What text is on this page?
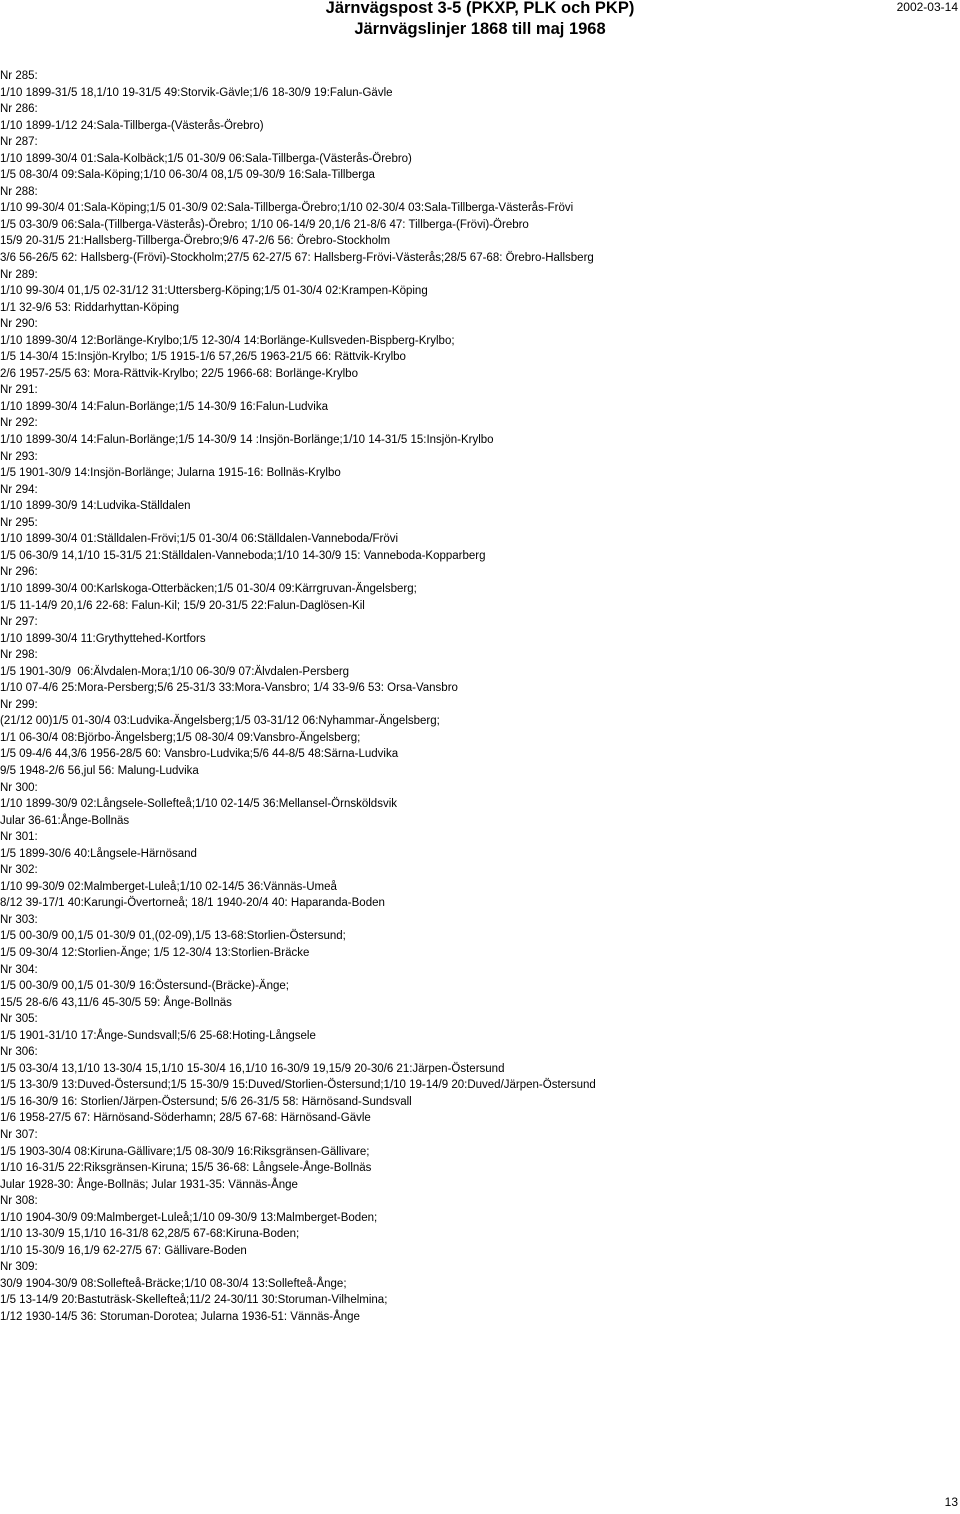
Järnvägspost 3-5 (PKXP, PLK och PKP)
Järnvägslinjer 1868 till maj 1968
2002-03-14
Nr 285:
1/10 1899-31/5 18,1/10 19-31/5 49:Storvik-Gävle;1/6 18-30/9 19:Falun-Gävle
Nr 286:
1/10 1899-1/12 24:Sala-Tillberga-(Västerås-Örebro)
Nr 287:
1/10 1899-30/4 01:Sala-Kolbäck;1/5 01-30/9 06:Sala-Tillberga-(Västerås-Örebro)
1/5 08-30/4 09:Sala-Köping;1/10 06-30/4 08,1/5 09-30/9 16:Sala-Tillberga
Nr 288:
1/10 99-30/4 01:Sala-Köping;1/5 01-30/9 02:Sala-Tillberga-Örebro;1/10 02-30/4 03:Sala-Tillberga-Västerås-Frövi
1/5 03-30/9 06:Sala-(Tillberga-Västerås)-Örebro; 1/10 06-14/9 20,1/6 21-8/6 47: Tillberga-(Frövi)-Örebro
15/9 20-31/5 21:Hallsberg-Tillberga-Örebro;9/6 47-2/6 56: Örebro-Stockholm
3/6 56-26/5 62: Hallsberg-(Frövi)-Stockholm;27/5 62-27/5 67: Hallsberg-Frövi-Västerås;28/5 67-68: Örebro-Hallsberg
Nr 289:
1/10 99-30/4 01,1/5 02-31/12 31:Uttersberg-Köping;1/5 01-30/4 02:Krampen-Köping
1/1 32-9/6 53: Riddarhyttan-Köping
Nr 290:
1/10 1899-30/4 12:Borlänge-Krylbo;1/5 12-30/4 14:Borlänge-Kullsveden-Bispberg-Krylbo;
1/5 14-30/4 15:Insjön-Krylbo; 1/5 1915-1/6 57,26/5 1963-21/5 66: Rättvik-Krylbo
2/6 1957-25/5 63: Mora-Rättvik-Krylbo; 22/5 1966-68: Borlänge-Krylbo
Nr 291:
1/10 1899-30/4 14:Falun-Borlänge;1/5 14-30/9 16:Falun-Ludvika
Nr 292:
1/10 1899-30/4 14:Falun-Borlänge;1/5 14-30/9 14 :Insjön-Borlänge;1/10 14-31/5 15:Insjön-Krylbo
Nr 293:
1/5 1901-30/9 14:Insjön-Borlänge; Jularna 1915-16: Bollnäs-Krylbo
Nr 294:
1/10 1899-30/9 14:Ludvika-Ställdalen
Nr 295:
1/10 1899-30/4 01:Ställdalen-Frövi;1/5 01-30/4 06:Ställdalen-Vanneboda/Frövi
1/5 06-30/9 14,1/10 15-31/5 21:Ställdalen-Vanneboda;1/10 14-30/9 15: Vanneboda-Kopparberg
Nr 296:
1/10 1899-30/4 00:Karlskoga-Otterbäcken;1/5 01-30/4 09:Kärrgruvan-Ängelsberg;
1/5 11-14/9 20,1/6 22-68: Falun-Kil; 15/9 20-31/5 22:Falun-Daglösen-Kil
Nr 297:
1/10 1899-30/4 11:Grythyttehed-Kortfors
Nr 298:
1/5 1901-30/9  06:Älvdalen-Mora;1/10 06-30/9 07:Älvdalen-Persberg
1/10 07-4/6 25:Mora-Persberg;5/6 25-31/3 33:Mora-Vansbro; 1/4 33-9/6 53: Orsa-Vansbro
Nr 299:
(21/12 00)1/5 01-30/4 03:Ludvika-Ängelsberg;1/5 03-31/12 06:Nyhammar-Ängelsberg;
1/1 06-30/4 08:Björbo-Ängelsberg;1/5 08-30/4 09:Vansbro-Ängelsberg;
1/5 09-4/6 44,3/6 1956-28/5 60: Vansbro-Ludvika;5/6 44-8/5 48:Särna-Ludvika
9/5 1948-2/6 56,jul 56: Malung-Ludvika
Nr 300:
1/10 1899-30/9 02:Långsele-Sollefteå;1/10 02-14/5 36:Mellansel-Örnsköldsvik
Jular 36-61:Ånge-Bollnäs
Nr 301:
1/5 1899-30/6 40:Långsele-Härnösand
Nr 302:
1/10 99-30/9 02:Malmberget-Luleå;1/10 02-14/5 36:Vännäs-Umeå
8/12 39-17/1 40:Karungi-Övertorneå; 18/1 1940-20/4 40: Haparanda-Boden
Nr 303:
1/5 00-30/9 00,1/5 01-30/9 01,(02-09),1/5 13-68:Storlien-Östersund;
1/5 09-30/4 12:Storlien-Änge; 1/5 12-30/4 13:Storlien-Bräcke
Nr 304:
1/5 00-30/9 00,1/5 01-30/9 16:Östersund-(Bräcke)-Änge;
15/5 28-6/6 43,11/6 45-30/5 59: Ånge-Bollnäs
Nr 305:
1/5 1901-31/10 17:Ånge-Sundsvall;5/6 25-68:Hoting-Långsele
Nr 306:
1/5 03-30/4 13,1/10 13-30/4 15,1/10 15-30/4 16,1/10 16-30/9 19,15/9 20-30/6 21:Järpen-Östersund
1/5 13-30/9 13:Duved-Östersund;1/5 15-30/9 15:Duved/Storlien-Östersund;1/10 19-14/9 20:Duved/Järpen-Östersund
1/5 16-30/9 16: Storlien/Järpen-Östersund; 5/6 26-31/5 58: Härnösand-Sundsvall
1/6 1958-27/5 67: Härnösand-Söderhamn; 28/5 67-68: Härnösand-Gävle
Nr 307:
1/5 1903-30/4 08:Kiruna-Gällivare;1/5 08-30/9 16:Riksgränsen-Gällivare;
1/10 16-31/5 22:Riksgränsen-Kiruna; 15/5 36-68: Långsele-Ånge-Bollnäs
Jular 1928-30: Ånge-Bollnäs; Jular 1931-35: Vännäs-Ånge
Nr 308:
1/10 1904-30/9 09:Malmberget-Luleå;1/10 09-30/9 13:Malmberget-Boden;
1/10 13-30/9 15,1/10 16-31/8 62,28/5 67-68:Kiruna-Boden;
1/10 15-30/9 16,1/9 62-27/5 67: Gällivare-Boden
Nr 309:
30/9 1904-30/9 08:Sollefteå-Bräcke;1/10 08-30/4 13:Sollefteå-Ånge;
1/5 13-14/9 20:Bastuträsk-Skellefteå;11/2 24-30/11 30:Storuman-Vilhelmina;
1/12 1930-14/5 36: Storuman-Dorotea; Jularna 1936-51: Vännäs-Ånge
13
